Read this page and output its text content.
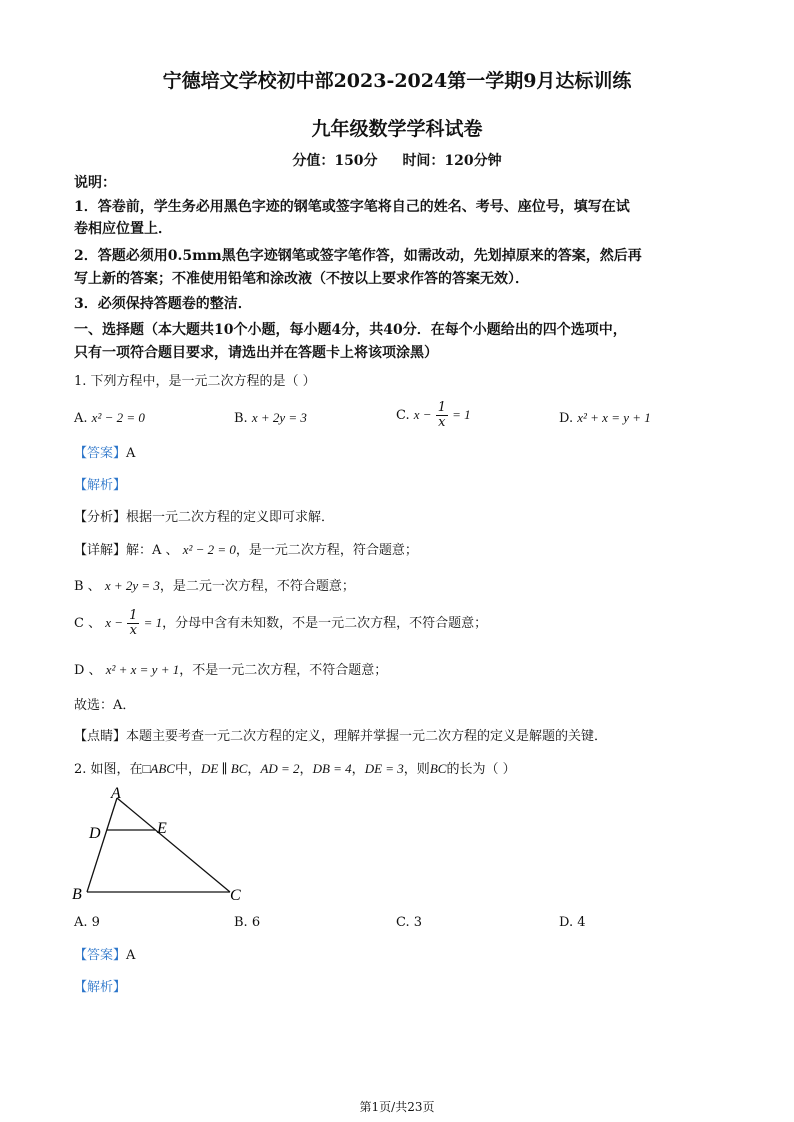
宁德培文学校初中部2023-2024第一学期9月达标训练
九年级数学学科试卷
分值：150分 时间：120分钟
说明：
1．答卷前，学生务必用黑色字迹的钢笔或签字笔将自己的姓名、考号、座位号，填写在试
卷相应位置上．
2．答题必须用0.5mm黑色字迹钢笔或签字笔作答，如需改动，先划掉原来的答案，然后再
写上新的答案；不准使用铅笔和涂改液（不按以上要求作答的答案无效）．
3．必须保持答题卷的整洁．
一、选择题（本大题共10个小题，每小题4分，共40分．在每个小题给出的四个选项中，
只有一项符合题目要求，请选出并在答题卡上将该项涂黑）
1. 下列方程中，是一元二次方程的是（ ）
A. x² − 2 = 0	B. x + 2y = 3	C. $x - \frac{1}{x} = 1$	D. x² + x = y + 1
【答案】A
【解析】
【分析】根据一元二次方程的定义即可求解．
【详解】解：A 、 x² − 2 = 0，是一元二次方程，符合题意；
B 、 x + 2y = 3，是二元一次方程，不符合题意；
C 、 $x - \frac{1}{x} = 1$，分母中含有未知数，不是一元二次方程，不符合题意；
D 、 x² + x = y + 1，不是一元二次方程，不符合题意；
故选：A．
【点睛】本题主要考查一元二次方程的定义，理解并掌握一元二次方程的定义是解题的关键．
2. 如图，在□ABC中，DE ∥ BC，AD = 2，DB = 4，DE = 3，则BC的长为（ ）
A
D	E
B	C
A. 9	B. 6	C. 3	D. 4
【答案】A
【解析】
第1页/共23页
